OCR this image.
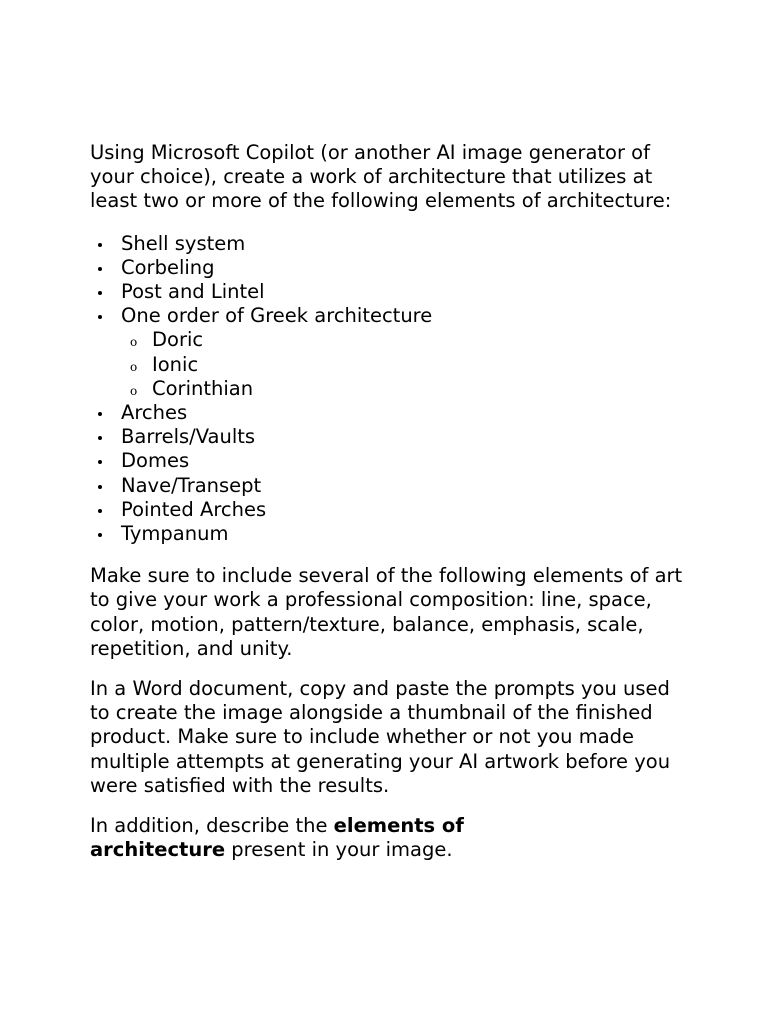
Using Microsoft Copilot (or another AI image generator of your choice), create a work of architecture that utilizes at least two or more of the following elements of architecture:

Shell system
Corbeling
Post and Lintel
One order of Greek architecture
o Doric
o Ionic
o Corinthian
Arches
Barrels/Vaults
Domes
Nave/Transept
Pointed Arches
Tympanum

Make sure to include several of the following elements of art to give your work a professional composition: line, space, color, motion, pattern/texture, balance, emphasis, scale, repetition, and unity.

In a Word document, copy and paste the prompts you used to create the image alongside a thumbnail of the finished product. Make sure to include whether or not you made multiple attempts at generating your AI artwork before you were satisfied with the results.

In addition, describe the elements of
architecture present in your image.
